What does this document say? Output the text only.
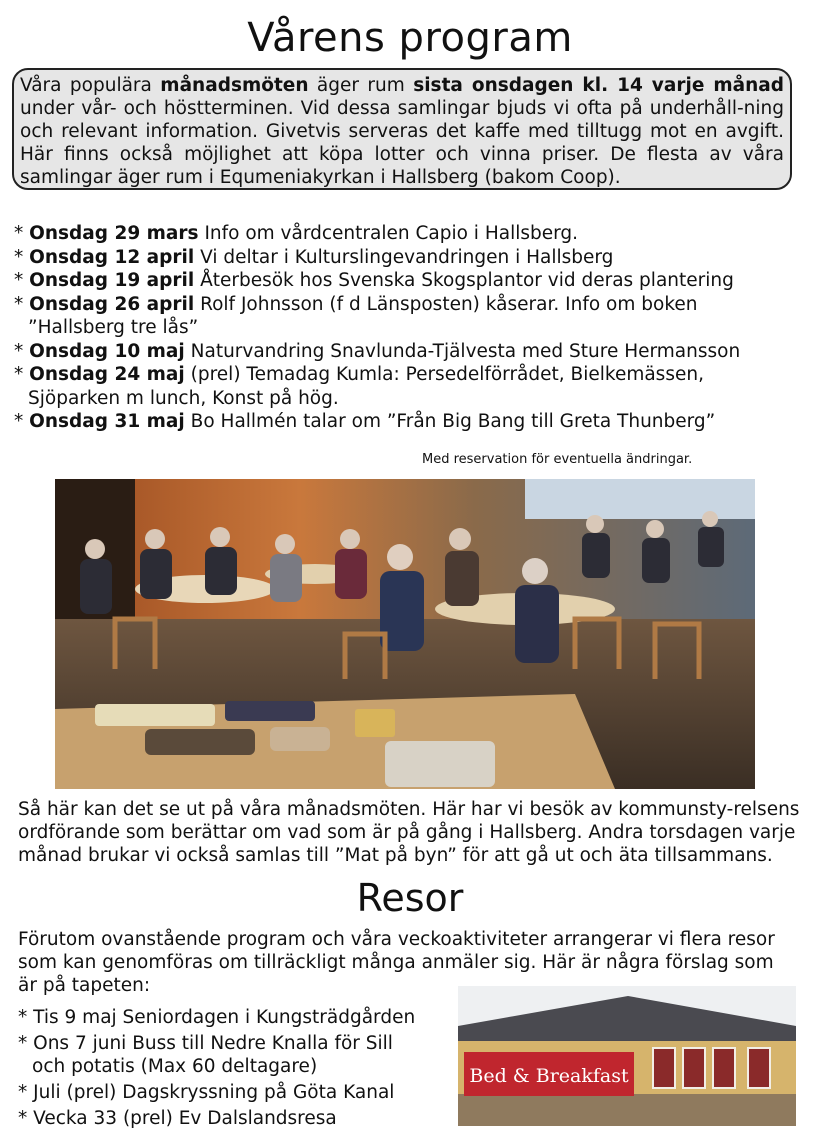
Vårens program
Våra populära månadsmöten äger rum sista onsdagen kl. 14 varje månad under vår- och höstterminen. Vid dessa samlingar bjuds vi ofta på underhåll-ning och relevant information. Givetvis serveras det kaffe med tilltugg mot en avgift. Här finns också möjlighet att köpa lotter och vinna priser. De flesta av våra samlingar äger rum i Equmeniakyrkan i Hallsberg (bakom Coop).
* Onsdag 29 mars Info om vårdcentralen Capio i Hallsberg.
* Onsdag 12 april Vi deltar i Kulturslingevandringen i Hallsberg
* Onsdag 19 april Återbesök hos Svenska Skogsplantor vid deras plantering
* Onsdag 26 april Rolf Johnsson (f d Länsposten) kåserar. Info om boken
”Hallsberg tre lås”
* Onsdag 10 maj Naturvandring Snavlunda-Tjälvesta med Sture Hermansson
* Onsdag 24 maj (prel) Temadag Kumla: Persedelförrådet, Bielkemässen,
Sjöparken m lunch, Konst på hög.
* Onsdag 31 maj Bo Hallmén talar om ”Från Big Bang till Greta Thunberg”
Med reservation för eventuella ändringar.
Så här kan det se ut på våra månadsmöten. Här har vi besök av kommunsty-relsens ordförande som berättar om vad som är på gång i Hallsberg. Andra torsdagen varje månad brukar vi också samlas till ”Mat på byn” för att gå ut och äta tillsammans.
Resor
Förutom ovanstående program och våra veckoaktiviteter arrangerar vi flera resor som kan genomföras om tillräckligt många anmäler sig. Här är några förslag som är på tapeten:
* Tis 9 maj Seniordagen i Kungsträdgården
* Ons 7 juni Buss till Nedre Knalla för Sill
och potatis (Max 60 deltagare)
* Juli (prel) Dagskryssning på Göta Kanal
* Vecka 33 (prel) Ev Dalslandsresa
Bed & Breakfast
